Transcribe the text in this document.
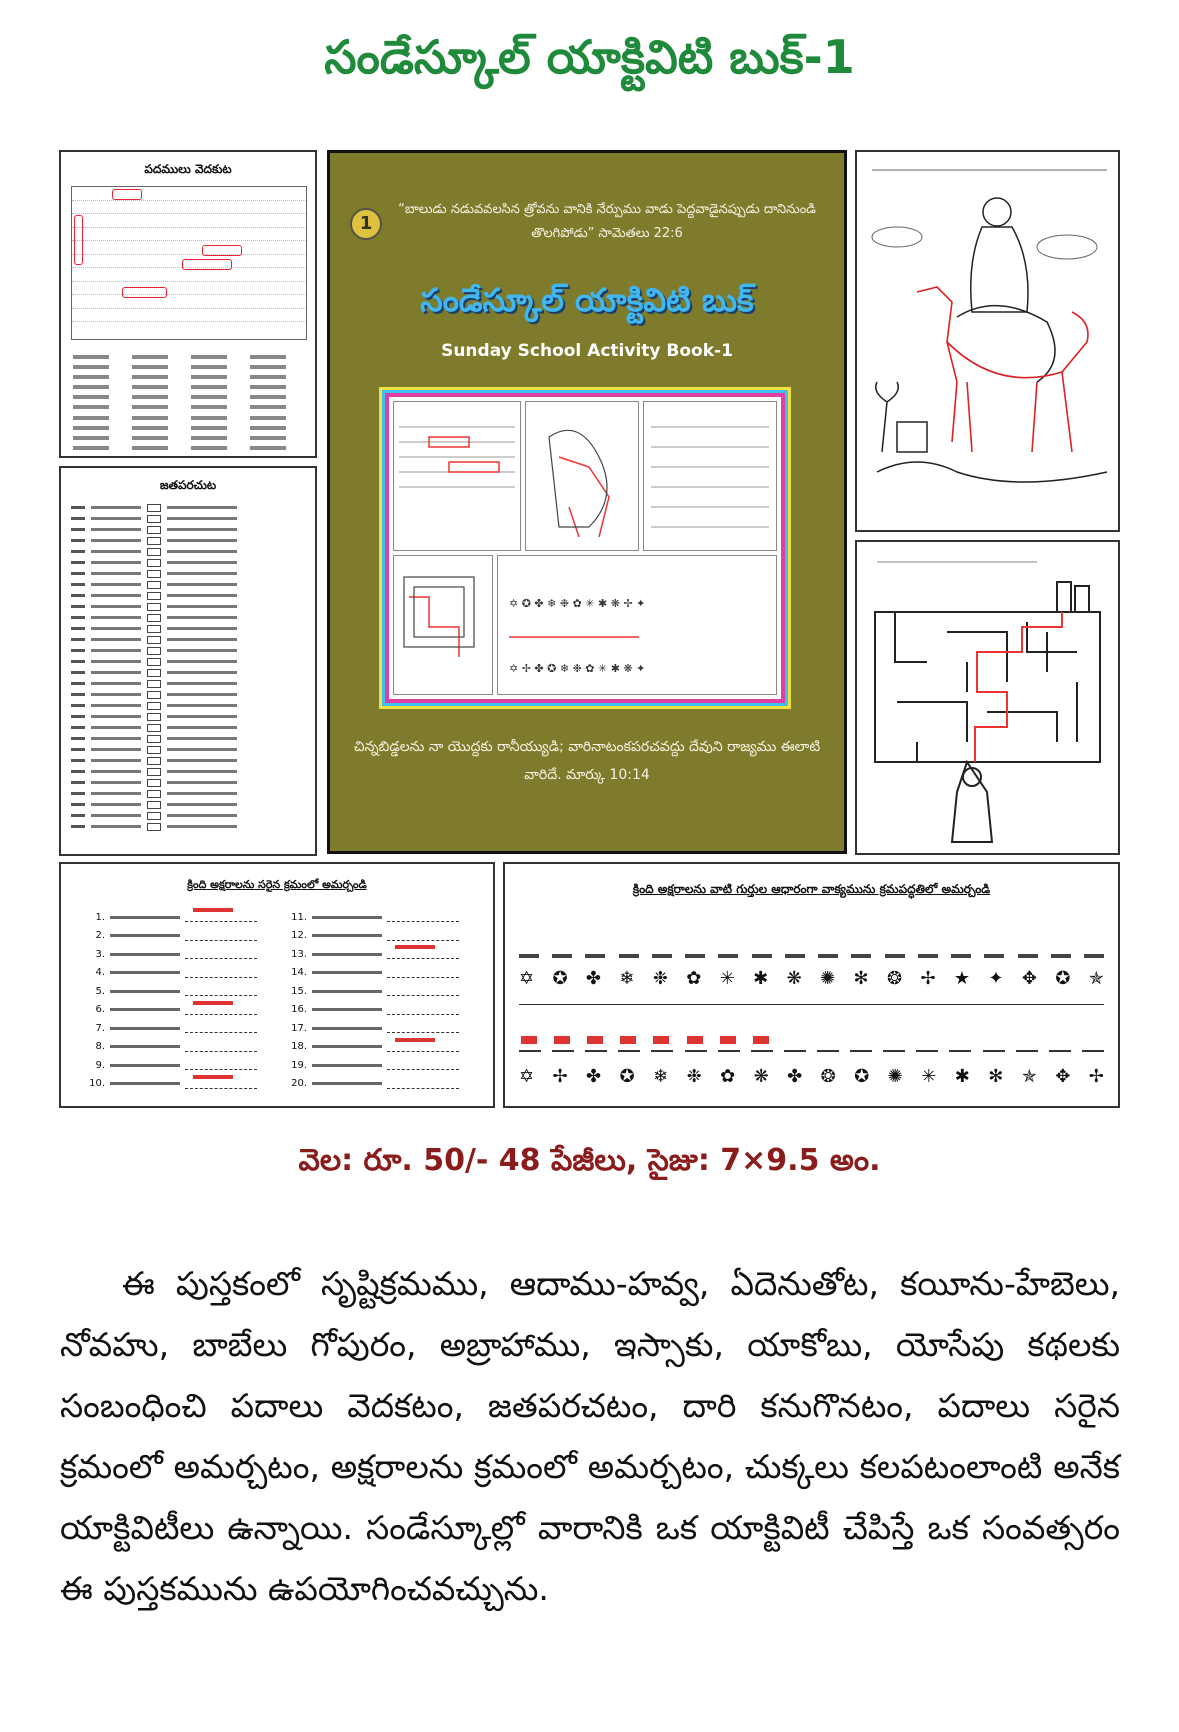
సండేస్కూల్ యాక్టివిటి బుక్-1
పదములు వెదకుట
జతపరచుట
1
“బాలుడు నడువవలసిన త్రోవను వానికి నేర్పుము వాడు పెద్దవాడైనప్పుడు దానినుండి తొలగిపోడు” సామెతలు 22:6
సండేస్కూల్ యాక్టివిటి బుక్
Sunday School Activity Book-1
✡ ✪ ✤ ❄ ❉ ✿ ✳ ✱ ❋ ✢ ✦
✡ ✢ ✤ ✪ ❄ ❉ ✿ ✳ ✱ ❋ ✦
చిన్నబిడ్డలను నా యొద్దకు రానీయ్యుడి; వారినాటంకపరచవద్దు దేవుని రాజ్యము ఈలాటి వారిదే. మార్కు 10:14
క్రింది అక్షరాలను సరైన క్రమంలో అమర్చండి
1.
2.
3.
4.
5.
6.
7.
8.
9.
10.
11.
12.
13.
14.
15.
16.
17.
18.
19.
20.
క్రింది అక్షరాలను వాటి గుర్తుల ఆధారంగా వాక్యమును క్రమపద్ధతిలో అమర్చండి
✡ ✪ ✤ ❄ ❉ ✿ ✳ ✱ ❋ ✺ ✻ ❂ ✢ ★ ✦ ✥ ✪ ✯
✡ ✢ ✤ ✪ ❄ ❉ ✿ ❋ ✤ ❂ ✪ ✺ ✳ ✱ ✻ ✯ ✥ ✢
వెల: రూ. 50/- 48 పేజీలు, సైజు: 7×9.5 అం.

ఈ పుస్తకంలో సృష్టిక్రమము, ఆదాము-హవ్వ, ఏదెనుతోట, కయీను-హేబెలు, నోవహు, బాబేలు గోపురం, అబ్రాహాము, ఇస్సాకు, యాకోబు, యోసేపు కథలకు సంబంధించి పదాలు వెదకటం, జతపరచటం, దారి కనుగొనటం, పదాలు సరైన క్రమంలో అమర్చటం, అక్షరాలను క్రమంలో అమర్చటం, చుక్కలు కలపటంలాంటి అనేక యాక్టివిటీలు ఉన్నాయి. సండేస్కూల్లో వారానికి ఒక యాక్టివిటీ చేపిస్తే ఒక సంవత్సరం ఈ పుస్తకమును ఉపయోగించవచ్చును.
